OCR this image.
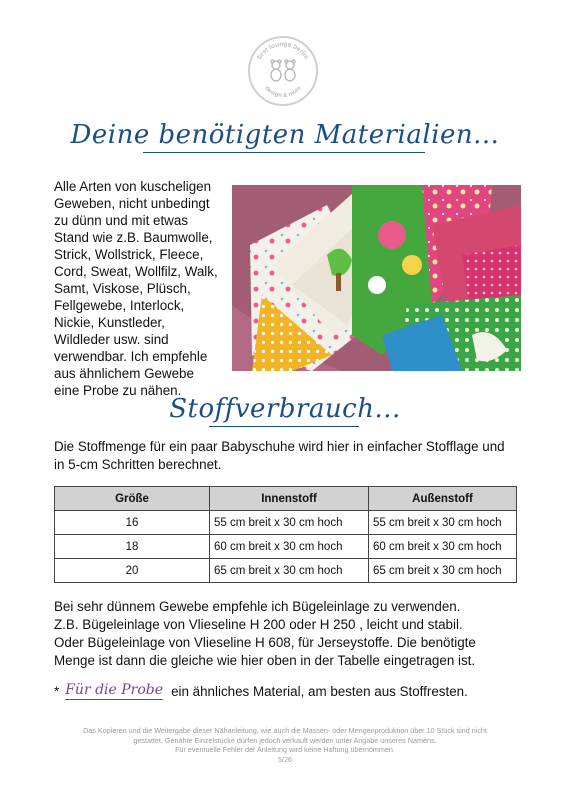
first lounge berlin
design & more
Deine benötigten Materialien...
Alle Arten von kuscheligen
Geweben, nicht unbedingt
zu dünn und mit etwas
Stand wie z.B. Baumwolle,
Strick, Wollstrick, Fleece,
Cord, Sweat, Wollfilz, Walk,
Samt, Viskose, Plüsch,
Fellgewebe, Interlock,
Nickie, Kunstleder,
Wildleder usw. sind
verwendbar. Ich empfehle
aus ähnlichem Gewebe
eine Probe zu nähen.
Stoffverbrauch...
Die Stoffmenge für ein paar Babyschuhe wird hier in einfacher Stofflage und
in 5-cm Schritten berechnet.
Größe	Innenstoff	Außenstoff
16	55 cm breit x 30 cm hoch	55 cm breit x 30 cm hoch
18	60 cm breit x 30 cm hoch	60 cm breit x 30 cm hoch
20	65 cm breit x 30 cm hoch	65 cm breit x 30 cm hoch
Bei sehr dünnem Gewebe empfehle ich Bügeleinlage zu verwenden.
Z.B. Bügeleinlage von Vlieseline H 200 oder H 250 , leicht und stabil.
Oder Bügeleinlage von Vlieseline H 608, für Jerseystoffe. Die benötigte
Menge ist dann die gleiche wie hier oben in der Tabelle eingetragen ist.
* Für die Probe ein ähnliches Material, am besten aus Stoffresten.
Das Kopieren und die Weitergabe dieser Nähanleitung, wie auch die Massen- oder Mengenproduktion über 10 Stück sind nicht
gestattet. Genähte Einzelstücke dürfen jedoch verkauft werden unter Angabe unseres Namens.
Für eventuelle Fehler der Anleitung wird keine Haftung übernommen.
5/26
